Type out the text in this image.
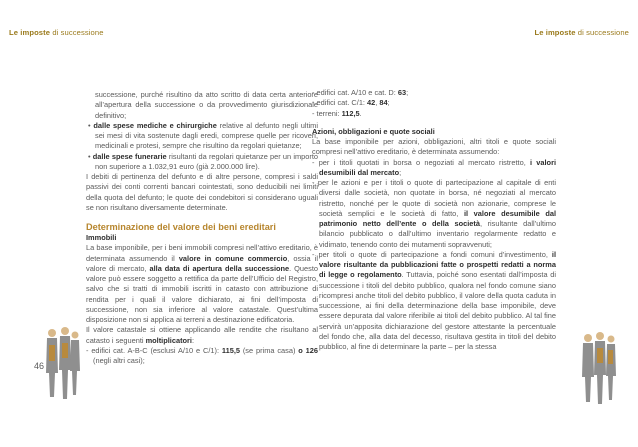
Le imposte di successione	Le imposte di successione

successione, purché risultino da atto scritto di data certa anteriore all’apertura della successione o da provvedimento giurisdizionale definitivo;

• dalle spese mediche e chirurgiche relative al defunto negli ultimi sei mesi di vita sostenute dagli eredi, comprese quelle per ricoveri, medicinali e protesi, sempre che risultino da regolari quietanze;

• dalle spese funerarie risultanti da regolari quietanze per un importo non superiore a 1.032,91 euro (già 2.000.000 lire).

I debiti di pertinenza del defunto e di altre persone, compresi i saldi passivi dei conti correnti bancari cointestati, sono deducibili nei limiti della quota del defunto; le quote dei condebitori si considerano uguali se non risultano diversamente determinate.

Determinazione del valore dei beni ereditari

Immobili

La base imponibile, per i beni immobili compresi nell’attivo ereditario, è determinata assumendo il valore in comune commercio, ossia il valore di mercato, alla data di apertura della successione. Questo valore può essere soggetto a rettifica da parte dell’Ufficio del Registro, salvo che si tratti di immobili iscritti in catasto con attribuzione di rendita per i quali il valore dichiarato, ai fini dell’imposta di successione, non sia inferiore al valore catastale. Quest’ultima disposizione non si applica ai terreni a destinazione edificatoria.

Il valore catastale si ottiene applicando alle rendite che risultano al catasto i seguenti moltiplicatori:

- edifici cat. A-B-C (esclusi A/10 e C/1): 115,5 (se prima casa) o 126 (negli altri casi);

- edifici cat. A/10 e cat. D: 63;

- edifici cat. C/1: 42, 84;

- terreni: 112,5.

Azioni, obbligazioni e quote sociali

La base imponibile per azioni, obbligazioni, altri titoli e quote sociali compresi nell’attivo ereditario, è determinata assumendo:

- per i titoli quotati in borsa o negoziati al mercato ristretto, i valori desumibili dal mercato;

- per le azioni e per i titoli o quote di partecipazione al capitale di enti diversi dalle società, non quotate in borsa, né negoziati al mercato ristretto, nonché per le quote di società non azionarie, comprese le società semplici e le società di fatto, il valore desumibile dal patrimonio netto dell’ente o della società, risultante dall’ultimo bilancio pubblicato o dall’ultimo inventario regolarmente redatto e vidimato, tenendo conto dei mutamenti sopravvenuti;

- per titoli o quote di partecipazione a fondi comuni d’investimento, il valore risultante da pubblicazioni fatte o prospetti redatti a norma di legge o regolamento. Tuttavia, poiché sono esentati dall’imposta di successione i titoli del debito pubblico, qualora nel fondo comune siano ricompresi anche titoli del debito pubblico, il valore della quota caduta in successione, ai fini della determinazione della base imponibile, deve essere depurata dal valore riferibile ai titoli del debito pubblico. Al tal fine servirà un’apposita dichiarazione del gestore attestante la percentuale del fondo che, alla data del decesso, risultava gestita in titoli del debito pubblico, al fine di determinare la parte – per la stessa

46
